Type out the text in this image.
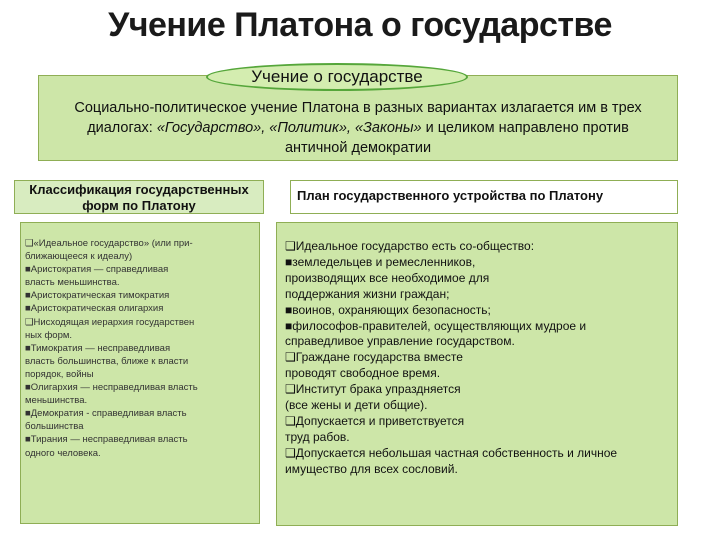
Учение Платона о государстве
Учение о государстве
Социально-политическое учение Платона в разных вариантах излагается им в трех
диалогах: «Государство», «Политик», «Законы» и целиком направлено против
античной демократии
Классификация государственных форм по Платону
План государственного устройства по Платону
❑«Идеальное государство» (или при-
ближающееся к идеалу)
■Аристократия — справедливая
власть меньшинства.
■Аристократическая тимократия
■Аристократическая олигархия
❑Нисходящая иерархия государствен
ных форм.
■Тимократия — несправедливая
власть большинства, ближе к власти
порядок, войны
■Олигархия — несправедливая власть
меньшинства.
■Демократия - справедливая власть
большинства
■Тирания — несправедливая власть
одного человека.
❑Идеальное государство есть со-общество:
■земледельцев и ремесленников,
производящих все необходимое для
поддержания жизни граждан;
■воинов, охраняющих безопасность;
■философов-правителей, осуществляющих мудрое и
справедливое управление государством.
❑Граждане государства вместе
проводят свободное время.
❑Институт брака упраздняется
(все жены и дети общие).
❑Допускается и приветствуется
труд рабов.
❑Допускается небольшая частная собственность и личное
имущество для всех сословий.
